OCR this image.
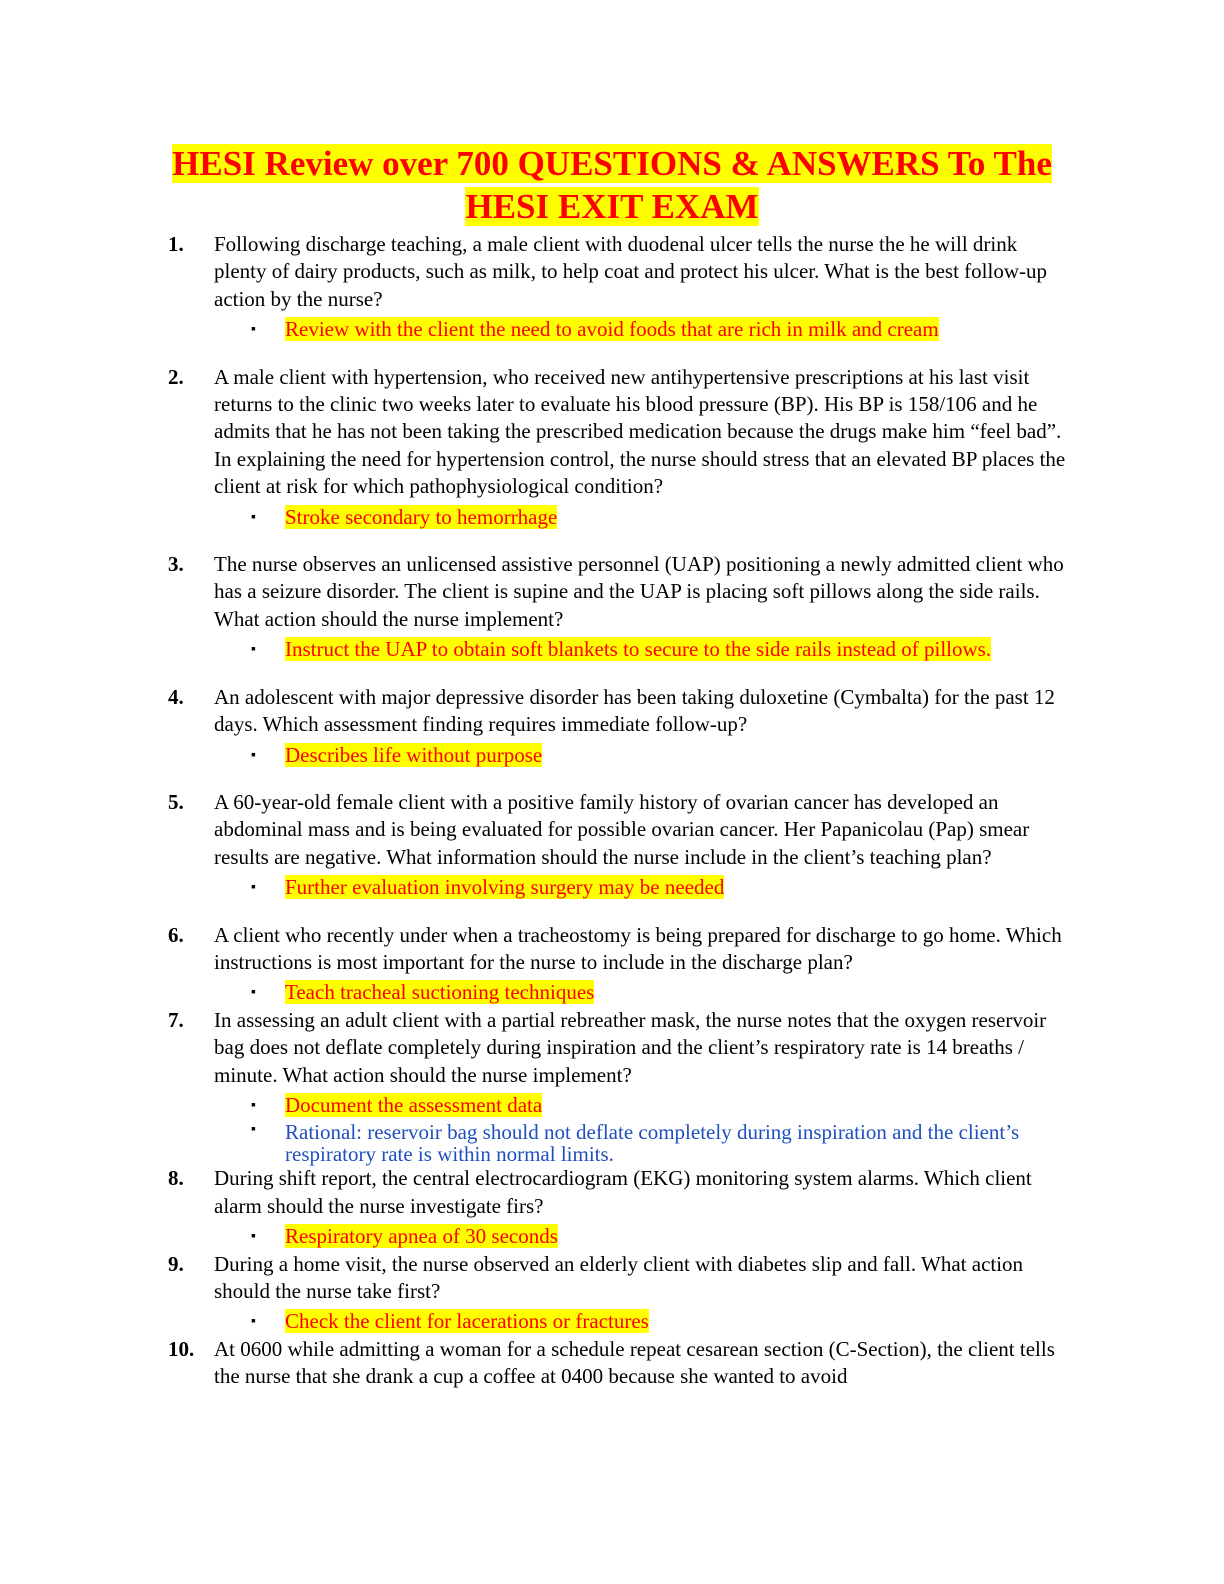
HESI Review over 700 QUESTIONS & ANSWERS To The
HESI EXIT EXAM
1.	Following discharge teaching, a male client with duodenal ulcer tells the nurse the he will drink plenty of dairy products, such as milk, to help coat and protect his ulcer. What is the best follow-up action by the nurse?
▪ Review with the client the need to avoid foods that are rich in milk and cream
2.	A male client with hypertension, who received new antihypertensive prescriptions at his last visit returns to the clinic two weeks later to evaluate his blood pressure (BP). His BP is 158/106 and he admits that he has not been taking the prescribed medication because the drugs make him “feel bad”. In explaining the need for hypertension control, the nurse should stress that an elevated BP places the client at risk for which pathophysiological condition?
▪ Stroke secondary to hemorrhage
3.	The nurse observes an unlicensed assistive personnel (UAP) positioning a newly admitted client who has a seizure disorder. The client is supine and the UAP is placing soft pillows along the side rails. What action should the nurse implement?
▪ Instruct the UAP to obtain soft blankets to secure to the side rails instead of pillows.
4.	An adolescent with major depressive disorder has been taking duloxetine (Cymbalta) for the past 12 days. Which assessment finding requires immediate follow-up?
▪ Describes life without purpose
5.	A 60-year-old female client with a positive family history of ovarian cancer has developed an abdominal mass and is being evaluated for possible ovarian cancer. Her Papanicolau (Pap) smear results are negative. What information should the nurse include in the client’s teaching plan?
▪ Further evaluation involving surgery may be needed
6.	A client who recently under when a tracheostomy is being prepared for discharge to go home. Which instructions is most important for the nurse to include in the discharge plan?
▪ Teach tracheal suctioning techniques
7.	In assessing an adult client with a partial rebreather mask, the nurse notes that the oxygen reservoir bag does not deflate completely during inspiration and the client’s respiratory rate is 14 breaths / minute. What action should the nurse implement?
▪ Document the assessment data
▪ Rational: reservoir bag should not deflate completely during inspiration and the client’s respiratory rate is within normal limits.
8.	During shift report, the central electrocardiogram (EKG) monitoring system alarms. Which client alarm should the nurse investigate firs?
▪ Respiratory apnea of 30 seconds
9.	During a home visit, the nurse observed an elderly client with diabetes slip and fall. What action should the nurse take first?
▪ Check the client for lacerations or fractures
10. At 0600 while admitting a woman for a schedule repeat cesarean section (C-Section), the client tells the nurse that she drank a cup a coffee at 0400 because she wanted to avoid
